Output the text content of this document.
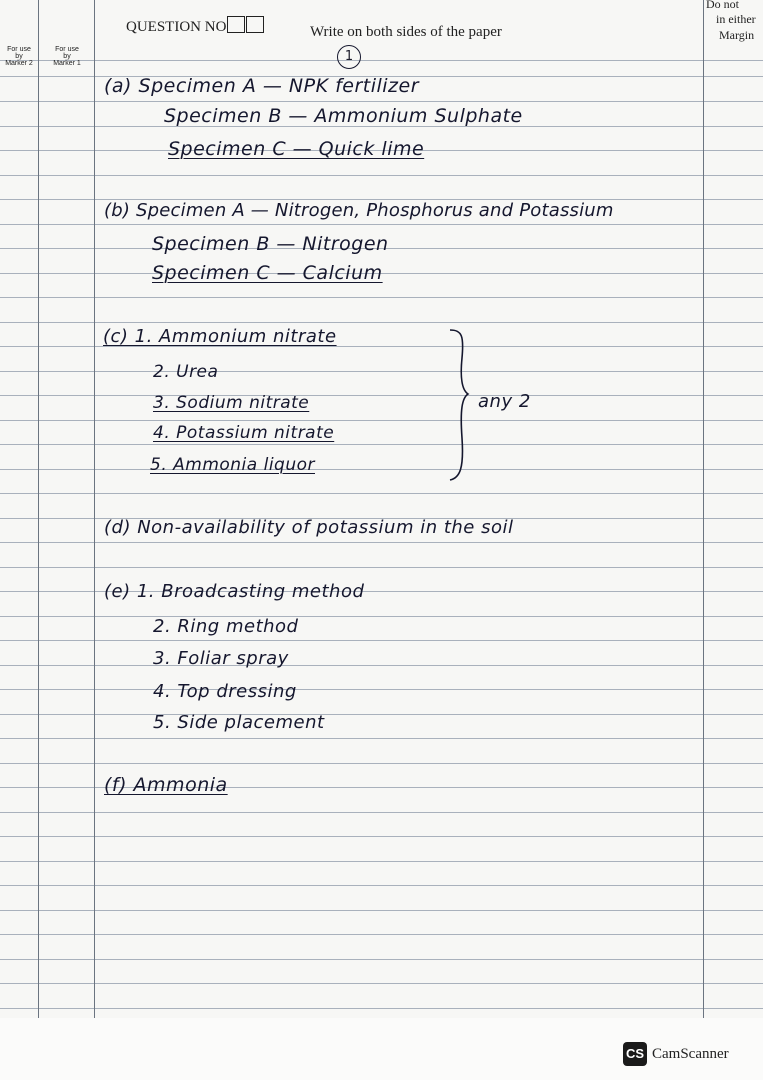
QUESTION NO	Write on both sides of the paper
1
Do not
in either
Margin
For use
by
Marker 2
For use
by
Marker 1
(a) Specimen A — NPK fertilizer
Specimen B — Ammonium Sulphate
Specimen C — Quick lime
(b) Specimen A — Nitrogen, Phosphorus and Potassium
Specimen B — Nitrogen
Specimen C — Calcium
(c) 1. Ammonium nitrate
2. Urea
3. Sodium nitrate
4. Potassium nitrate
5. Ammonia liquor
any 2
(d) Non-availability of potassium in the soil
(e) 1. Broadcasting method
2. Ring method
3. Foliar spray
4. Top dressing
5. Side placement
(f) Ammonia
CS CamScanner
